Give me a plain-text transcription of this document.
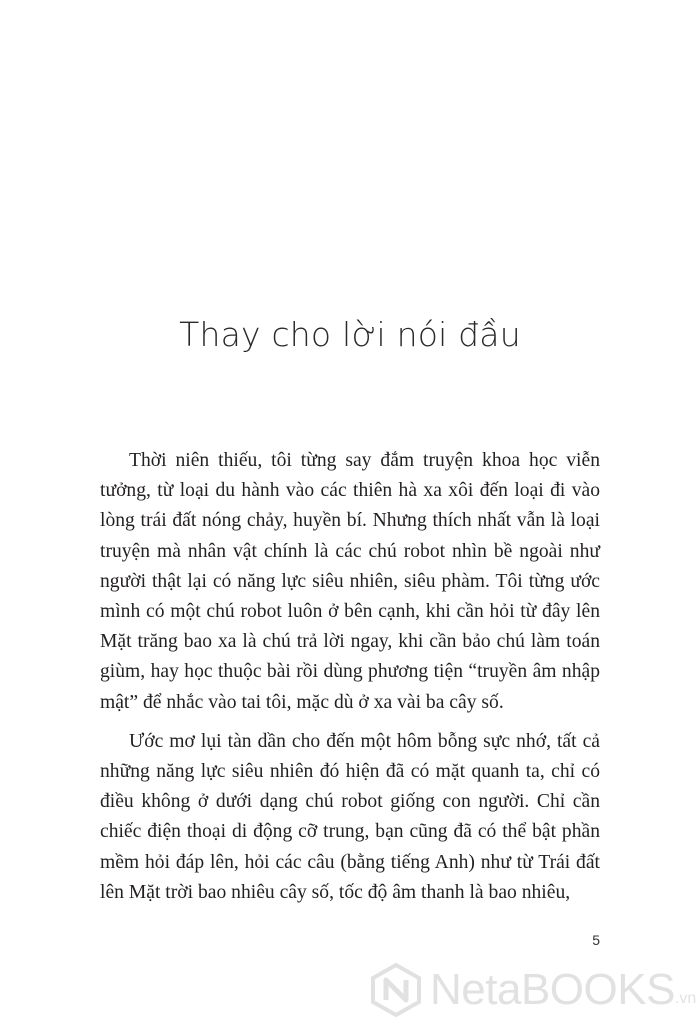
Thay cho lời nói đầu

Thời niên thiếu, tôi từng say đắm truyện khoa học viễn tưởng, từ loại du hành vào các thiên hà xa xôi đến loại đi vào lòng trái đất nóng chảy, huyền bí. Nhưng thích nhất vẫn là loại truyện mà nhân vật chính là các chú robot nhìn bề ngoài như người thật lại có năng lực siêu nhiên, siêu phàm. Tôi từng ước mình có một chú robot luôn ở bên cạnh, khi cần hỏi từ đây lên Mặt trăng bao xa là chú trả lời ngay, khi cần bảo chú làm toán giùm, hay học thuộc bài rồi dùng phương tiện “truyền âm nhập mật” để nhắc vào tai tôi, mặc dù ở xa vài ba cây số.

Ước mơ lụi tàn dần cho đến một hôm bỗng sực nhớ, tất cả những năng lực siêu nhiên đó hiện đã có mặt quanh ta, chỉ có điều không ở dưới dạng chú robot giống con người. Chỉ cần chiếc điện thoại di động cỡ trung, bạn cũng đã có thể bật phần mềm hỏi đáp lên, hỏi các câu (bằng tiếng Anh) như từ Trái đất lên Mặt trời bao nhiêu cây số, tốc độ âm thanh là bao nhiêu,

5
NetaBOOKS .vn
